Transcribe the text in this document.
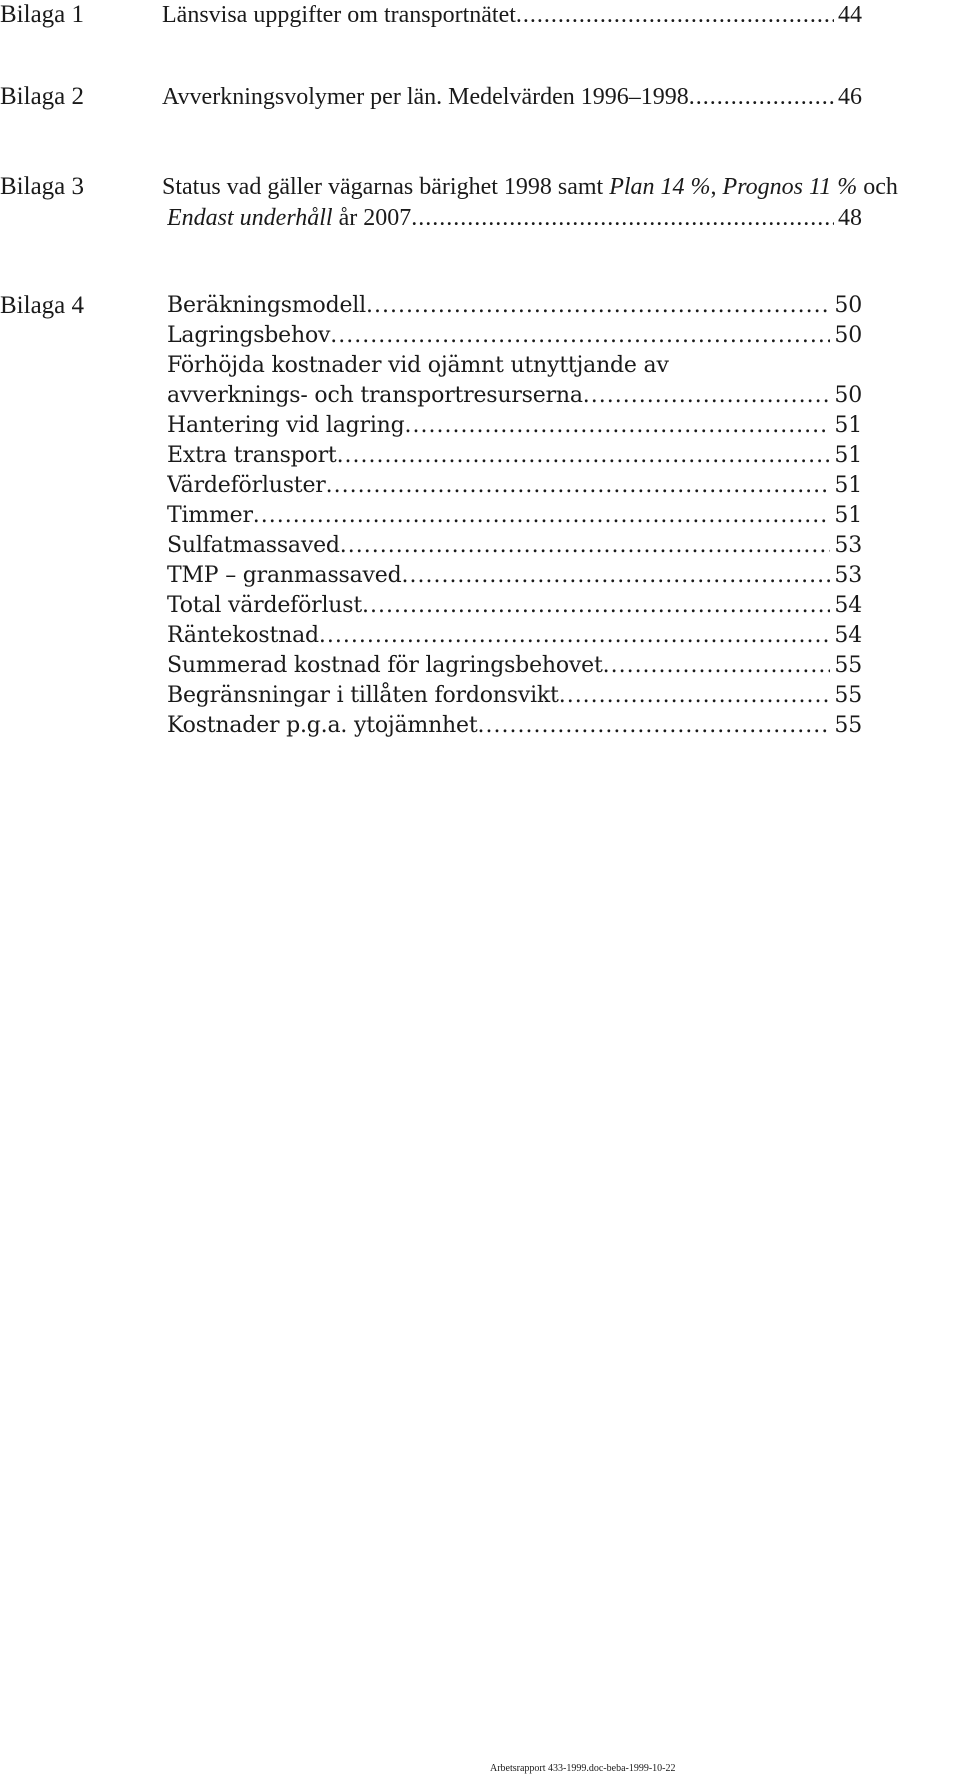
Bilaga 1	Länsvisa uppgifter om transportnätet .....	44
Bilaga 2	Avverkningsvolymer per län. Medelvärden 1996–1998 .....	46
Bilaga 3	Status vad gäller vägarnas bärighet 1998 samt Plan 14 %, Prognos 11 % och
Endast underhåll år 2007 .....	48
Bilaga 4	Beräkningsmodell .....	50
Lagringsbehov .....	50
Förhöjda kostnader vid ojämnt utnyttjande av
avverknings- och transportresurserna .....	50
Hantering vid lagring .....	51
Extra transport .....	51
Värdeförluster .....	51
Timmer .....	51
Sulfatmassaved .....	53
TMP – granmassaved .....	53
Total värdeförlust .....	54
Räntekostnad .....	54
Summerad kostnad för lagringsbehovet .....	55
Begränsningar i tillåten fordonsvikt .....	55
Kostnader p.g.a. ytojämnhet .....	55
Arbetsrapport 433-1999.doc-beba-1999-10-22
